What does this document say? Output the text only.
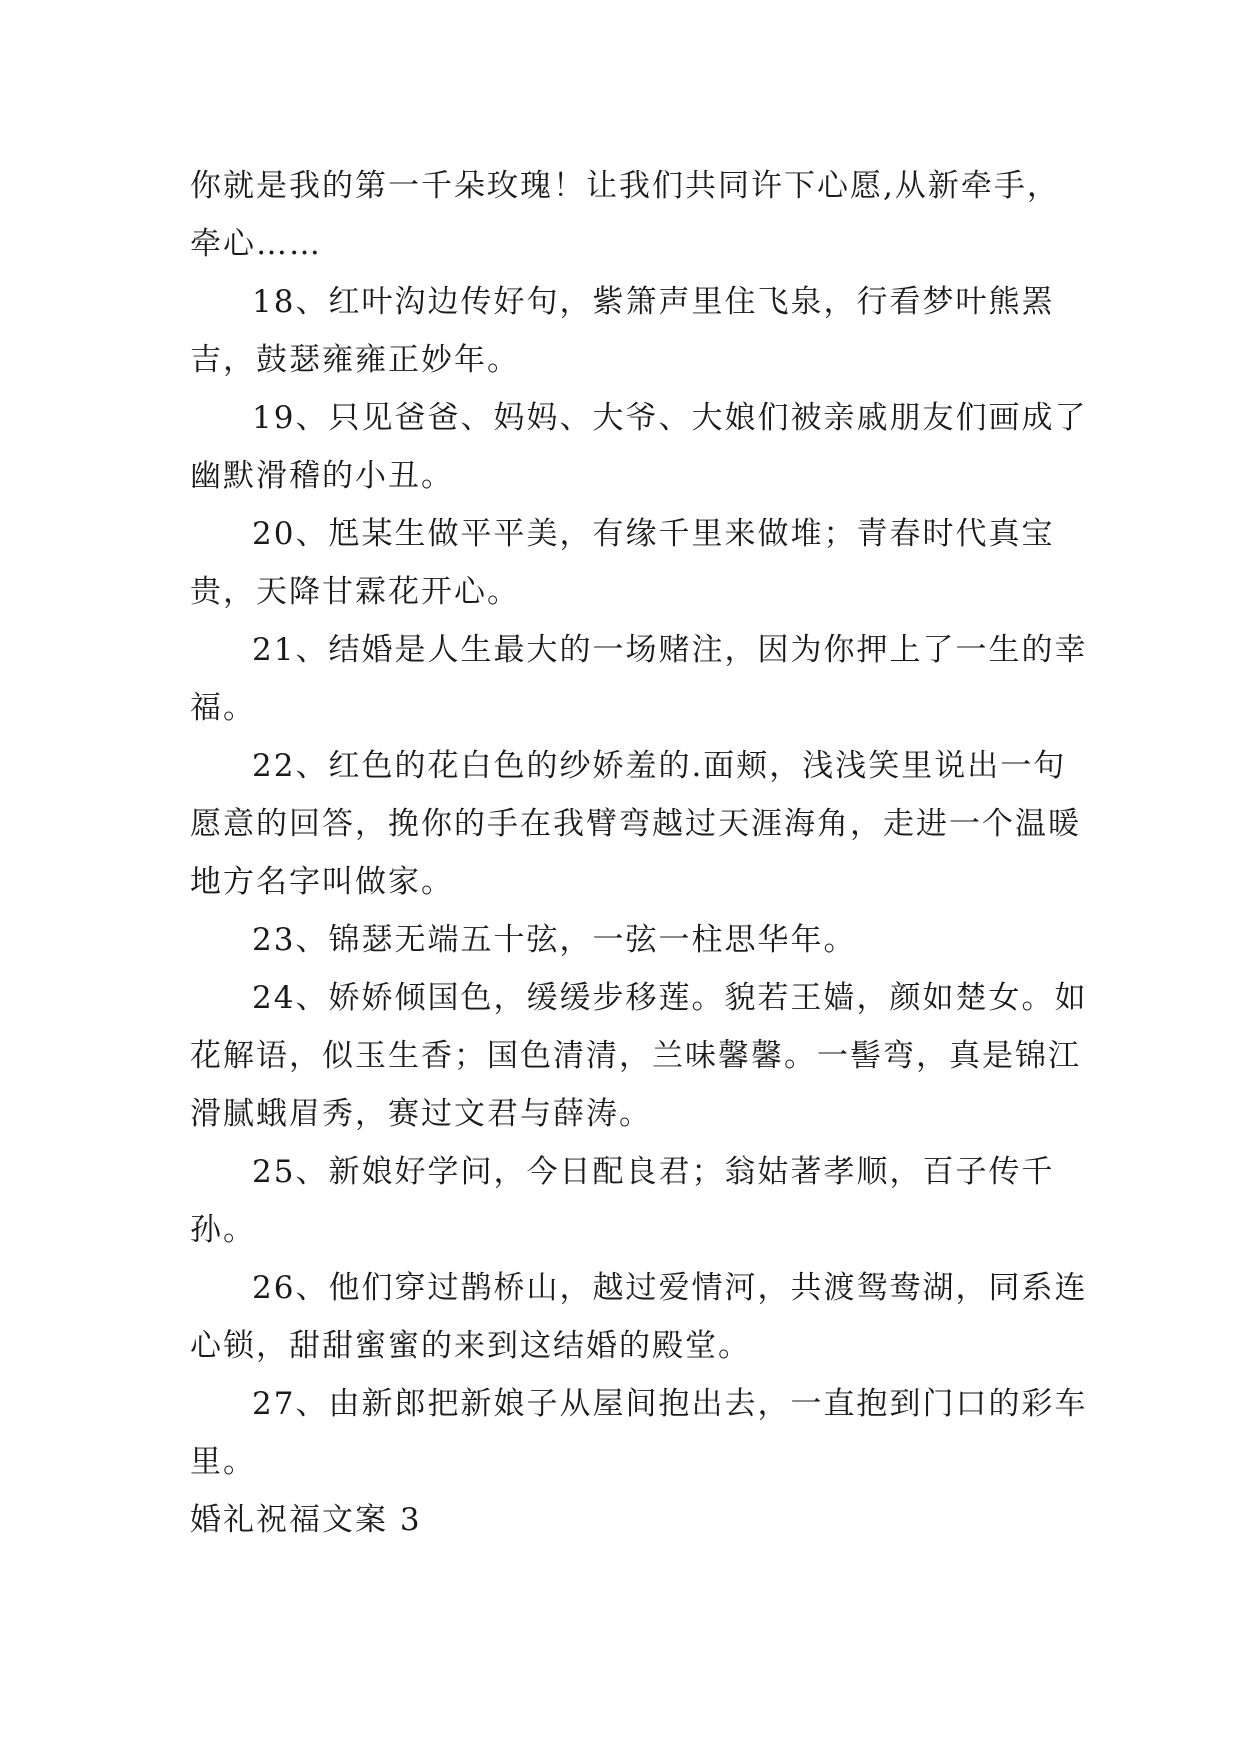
你就是我的第一千朵玫瑰！让我们共同许下心愿,从新牵手，牵心……

18、红叶沟边传好句，紫箫声里住飞泉，行看梦叶熊罴吉，鼓瑟雍雍正妙年。

19、只见爸爸、妈妈、大爷、大娘们被亲戚朋友们画成了幽默滑稽的小丑。

20、尪某生做平平美，有缘千里来做堆；青春时代真宝贵，天降甘霖花开心。

21、结婚是人生最大的一场赌注，因为你押上了一生的幸福。

22、红色的花白色的纱娇羞的.面颊，浅浅笑里说出一句愿意的回答，挽你的手在我臂弯越过天涯海角，走进一个温暖地方名字叫做家。

23、锦瑟无端五十弦，一弦一柱思华年。

24、娇娇倾国色，缓缓步移莲。貌若王嫱，颜如楚女。如花解语，似玉生香；国色清清，兰味馨馨。一髻弯，真是锦江滑腻蛾眉秀，赛过文君与薛涛。

25、新娘好学问，今日配良君；翁姑著孝顺，百子传千孙。

26、他们穿过鹊桥山，越过爱情河，共渡鸳鸯湖，同系连心锁，甜甜蜜蜜的来到这结婚的殿堂。

27、由新郎把新娘子从屋间抱出去，一直抱到门口的彩车里。

婚礼祝福文案 3
